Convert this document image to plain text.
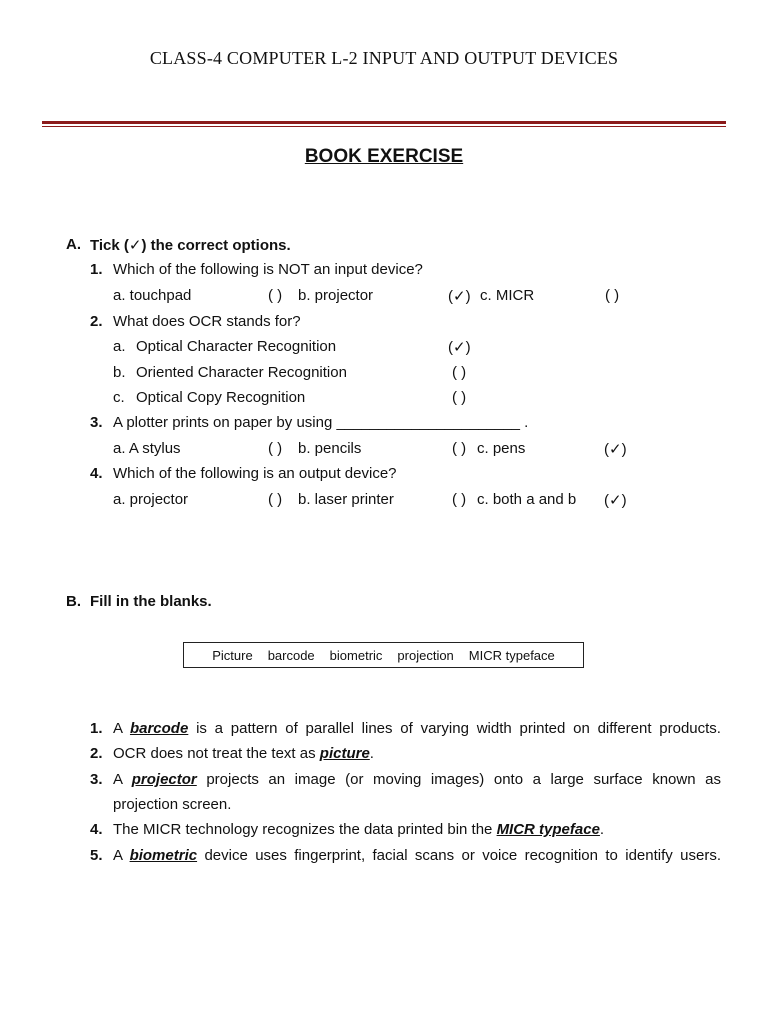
CLASS-4 COMPUTER L-2 INPUT AND OUTPUT DEVICES
BOOK EXERCISE
A. Tick (✓) the correct options.
1. Which of the following is NOT an input device?
a. touchpad	( ) b. projector	(✓) c. MICR	( )
2. What does OCR stands for?
a. Optical Character Recognition	(✓)
b. Oriented Character Recognition	( )
c. Optical Copy Recognition	( )
3. A plotter prints on paper by using ______________________ .
a. A stylus	( ) b. pencils	( ) c. pens	(✓)
4. Which of the following is an output device?
a. projector	( ) b. laser printer	( ) c. both a and b (✓)
B. Fill in the blanks.
Picture barcode biometric projection MICR typeface
1. A barcode is a pattern of parallel lines of varying width printed on different products.
2. OCR does not treat the text as picture.
3. A projector projects an image (or moving images) onto a large surface known as
projection screen.
4. The MICR technology recognizes the data printed bin the MICR typeface.
5. A biometric device uses fingerprint, facial scans or voice recognition to identify users.
